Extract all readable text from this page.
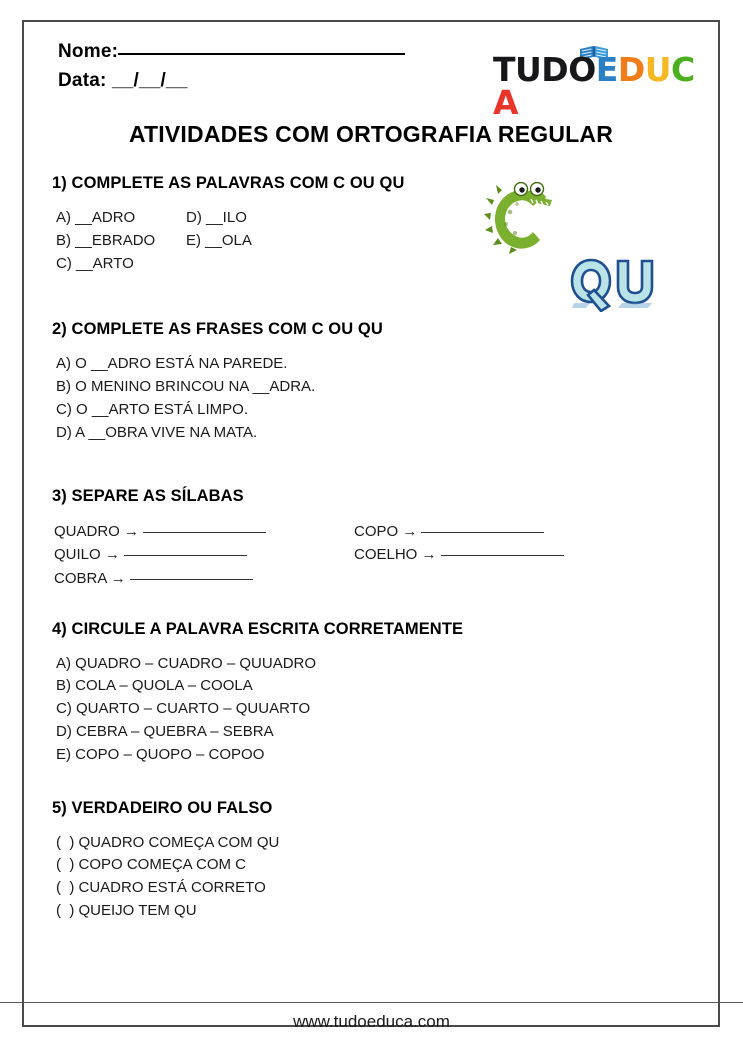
Nome:
Data: __/__/__	TUDOEDUCA
ATIVIDADES COM ORTOGRAFIA REGULAR
1) COMPLETE AS PALAVRAS COM C OU QU
A) __ADRO
B) __EBRADO
C) __ARTO
D) __ILO
E) __OLA
2) COMPLETE AS FRASES COM C OU QU
A) O __ADRO ESTÁ NA PAREDE.
B) O MENINO BRINCOU NA __ADRA.
C) O __ARTO ESTÁ LIMPO.
D) A __OBRA VIVE NA MATA.
3) SEPARE AS SÍLABAS
QUADRO →
QUILO →
COBRA →
COPO →
COELHO →
4) CIRCULE A PALAVRA ESCRITA CORRETAMENTE
A) QUADRO – CUADRO – QUUADRO
B) COLA – QUOLA – COOLA
C) QUARTO – CUARTO – QUUARTO
D) CEBRA – QUEBRA – SEBRA
E) COPO – QUOPO – COPOO
5) VERDADEIRO OU FALSO
(  ) QUADRO COMEÇA COM QU
(  ) COPO COMEÇA COM C
(  ) CUADRO ESTÁ CORRETO
(  ) QUEIJO TEM QU
www.tudoeduca.com
